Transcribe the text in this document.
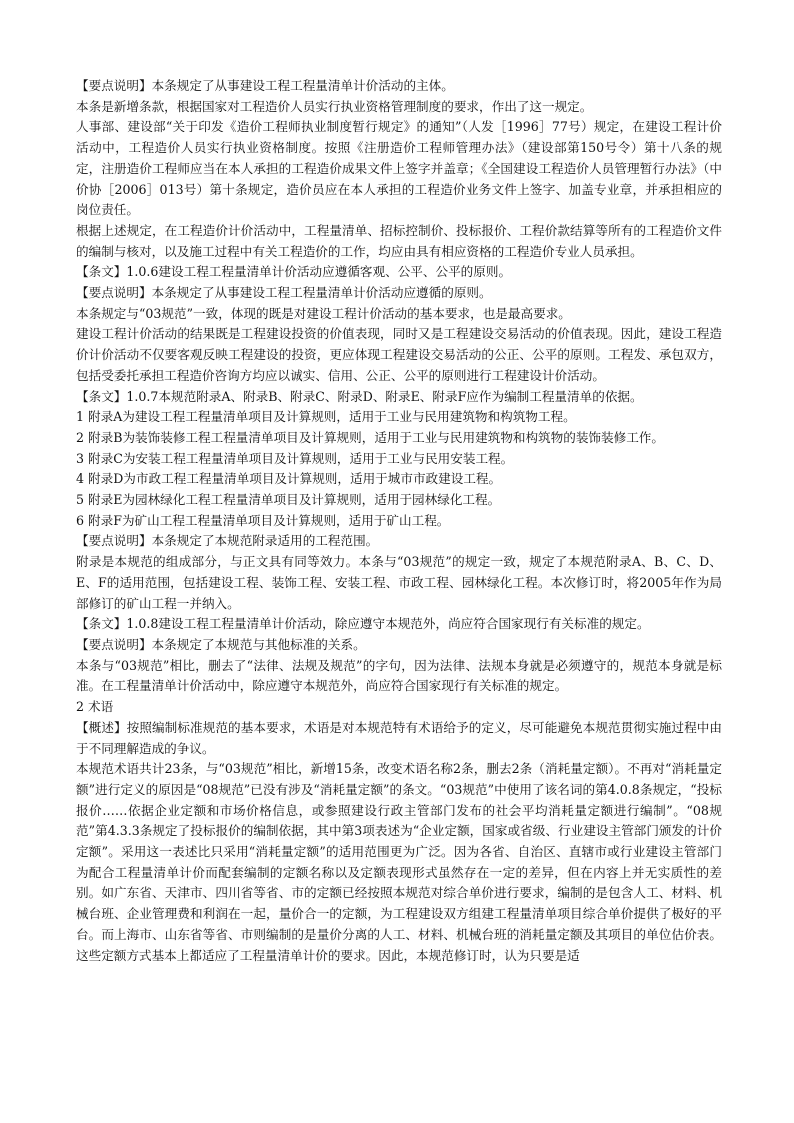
【要点说明】本条规定了从事建设工程工程量清单计价活动的主体。

本条是新增条款，根据国家对工程造价人员实行执业资格管理制度的要求，作出了这一规定。

人事部、建设部“关于印发《造价工程师执业制度暂行规定》的通知”（人发［1996］77号）规定，在建设工程计价活动中，工程造价人员实行执业资格制度。按照《注册造价工程师管理办法》（建设部第150号令）第十八条的规定，注册造价工程师应当在本人承担的工程造价成果文件上签字并盖章；《全国建设工程造价人员管理暂行办法》（中价协［2006］013号）第十条规定，造价员应在本人承担的工程造价业务文件上签字、加盖专业章，并承担相应的岗位责任。

根据上述规定，在工程造价计价活动中，工程量清单、招标控制价、投标报价、工程价款结算等所有的工程造价文件的编制与核对，以及施工过程中有关工程造价的工作，均应由具有相应资格的工程造价专业人员承担。

【条文】1.0.6建设工程工程量清单计价活动应遵循客观、公平、公平的原则。

【要点说明】本条规定了从事建设工程工程量清单计价活动应遵循的原则。

本条规定与“03规范”一致，体现的既是对建设工程计价活动的基本要求，也是最高要求。

建设工程计价活动的结果既是工程建设投资的价值表现，同时又是工程建设交易活动的价值表现。因此，建设工程造价计价活动不仅要客观反映工程建设的投资，更应体现工程建设交易活动的公正、公平的原则。工程发、承包双方，包括受委托承担工程造价咨询方均应以诚实、信用、公正、公平的原则进行工程建设计价活动。

【条文】1.0.7本规范附录A、附录B、附录C、附录D、附录E、附录F应作为编制工程量清单的依据。

1 附录A为建设工程工程量清单项目及计算规则，适用于工业与民用建筑物和构筑物工程。

2 附录B为装饰装修工程工程量清单项目及计算规则，适用于工业与民用建筑物和构筑物的装饰装修工作。

3 附录C为安装工程工程量清单项目及计算规则，适用于工业与民用安装工程。

4 附录D为市政工程工程量清单项目及计算规则，适用于城市市政建设工程。

5 附录E为园林绿化工程工程量清单项目及计算规则，适用于园林绿化工程。

6 附录F为矿山工程工程量清单项目及计算规则，适用于矿山工程。

【要点说明】本条规定了本规范附录适用的工程范围。

附录是本规范的组成部分，与正文具有同等效力。本条与“03规范”的规定一致，规定了本规范附录A、B、C、D、E、F的适用范围，包括建设工程、装饰工程、安装工程、市政工程、园林绿化工程。本次修订时，将2005年作为局部修订的矿山工程一并纳入。

【条文】1.0.8建设工程工程量清单计价活动，除应遵守本规范外，尚应符合国家现行有关标准的规定。

【要点说明】本条规定了本规范与其他标准的关系。

本条与“03规范”相比，删去了“法律、法规及规范”的字句，因为法律、法规本身就是必须遵守的，规范本身就是标准。在工程量清单计价活动中，除应遵守本规范外，尚应符合国家现行有关标准的规定。

2 术语

【概述】按照编制标准规范的基本要求，术语是对本规范特有术语给予的定义，尽可能避免本规范贯彻实施过程中由于不同理解造成的争议。

本规范术语共计23条，与“03规范”相比，新增15条，改变术语名称2条，删去2条（消耗量定额）。不再对“消耗量定额”进行定义的原因是“08规范”已没有涉及“消耗量定额”的条文。“03规范”中使用了该名词的第4.0.8条规定，“投标报价……依据企业定额和市场价格信息，或参照建设行政主管部门发布的社会平均消耗量定额进行编制”。“08规范”第4.3.3条规定了投标报价的编制依据，其中第3项表述为“企业定额，国家或省级、行业建设主管部门颁发的计价定额”。采用这一表述比只采用“消耗量定额”的适用范围更为广泛。因为各省、自治区、直辖市或行业建设主管部门为配合工程量清单计价而配套编制的定额名称以及定额表现形式虽然存在一定的差异，但在内容上并无实质性的差别。如广东省、天津市、四川省等省、市的定额已经按照本规范对综合单价进行要求，编制的是包含人工、材料、机械台班、企业管理费和利润在一起，量价合一的定额，为工程建设双方组建工程量清单项目综合单价提供了极好的平台。而上海市、山东省等省、市则编制的是量价分离的人工、材料、机械台班的消耗量定额及其项目的单位估价表。这些定额方式基本上都适应了工程量清单计价的要求。因此，本规范修订时，认为只要是适
